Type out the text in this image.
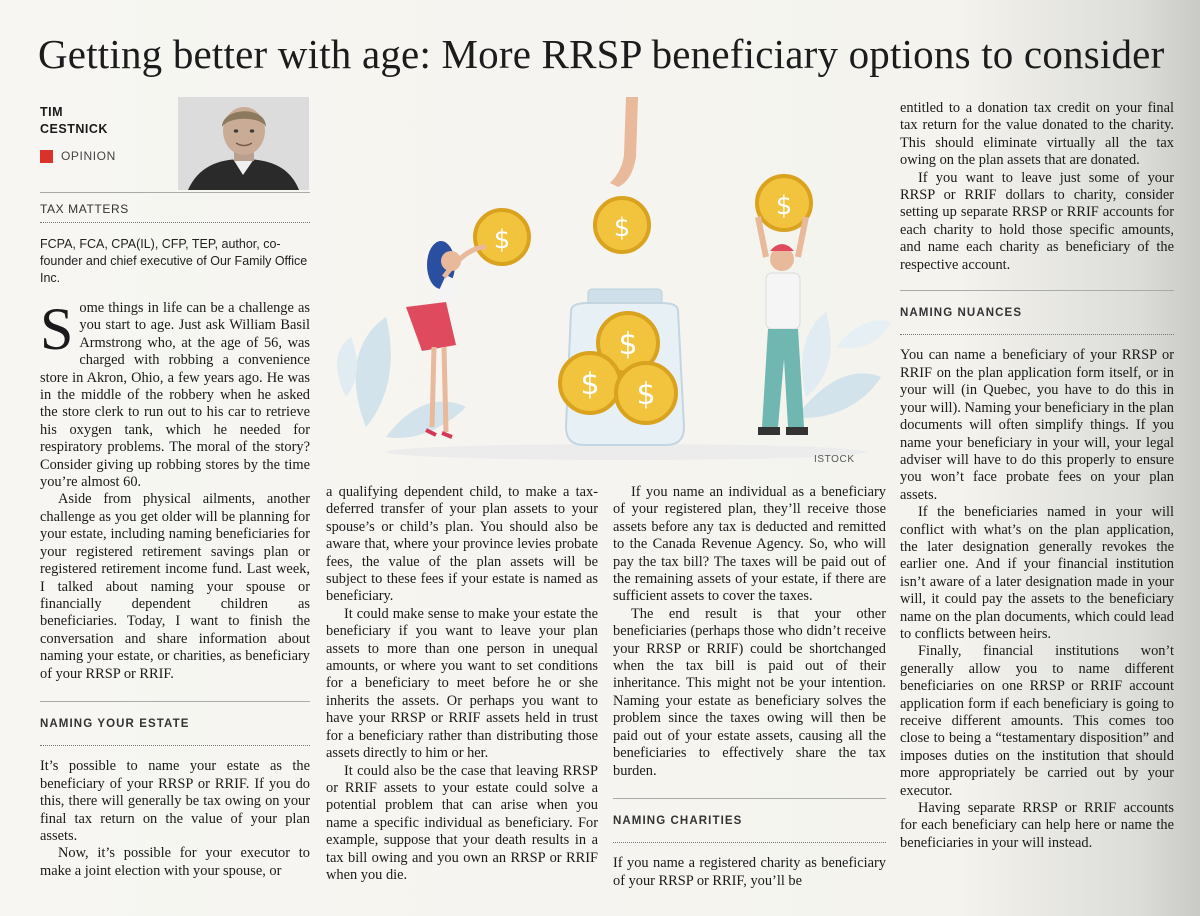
Getting better with age: More RRSP beneficiary options to consider
TIM
CESTNICK
OPINION
TAX MATTERS
FCPA, FCA, CPA(IL), CFP, TEP, author, co-founder and chief executive of Our Family Office Inc.
$
$ $
$	$
$
ISTOCK

Some things in life can be a challenge as you start to age. Just ask William Basil Armstrong who, at the age of 56, was charged with robbing a convenience store in Akron, Ohio, a few years ago. He was in the middle of the robbery when he asked the store clerk to run out to his car to retrieve his oxygen tank, which he needed for respiratory problems. The moral of the story? Consider giving up robbing stores by the time you’re almost 60.

Aside from physical ailments, another challenge as you get older will be planning for your estate, including naming beneficiaries for your registered retirement savings plan or registered retirement income fund. Last week, I talked about naming your spouse or financially dependent children as beneficiaries. Today, I want to finish the conversation and share information about naming your estate, or charities, as beneficiary of your RRSP or RRIF.

NAMING YOUR ESTATE

It’s possible to name your estate as the beneficiary of your RRSP or RRIF. If you do this, there will generally be tax owing on your final tax return on the value of your plan assets.

Now, it’s possible for your executor to make a joint election with your spouse, or

a qualifying dependent child, to make a tax-deferred transfer of your plan assets to your spouse’s or child’s plan. You should also be aware that, where your province levies probate fees, the value of the plan assets will be subject to these fees if your estate is named as beneficiary.

It could make sense to make your estate the beneficiary if you want to leave your plan assets to more than one person in unequal amounts, or where you want to set conditions for a beneficiary to meet before he or she inherits the assets. Or perhaps you want to have your RRSP or RRIF assets held in trust for a beneficiary rather than distributing those assets directly to him or her.

It could also be the case that leaving RRSP or RRIF assets to your estate could solve a potential problem that can arise when you name a specific individual as beneficiary. For example, suppose that your death results in a tax bill owing and you own an RRSP or RRIF when you die.

If you name an individual as a beneficiary of your registered plan, they’ll receive those assets before any tax is deducted and remitted to the Canada Revenue Agency. So, who will pay the tax bill? The taxes will be paid out of the remaining assets of your estate, if there are sufficient assets to cover the taxes.

The end result is that your other beneficiaries (perhaps those who didn’t receive your RRSP or RRIF) could be shortchanged when the tax bill is paid out of their inheritance. This might not be your intention. Naming your estate as beneficiary solves the problem since the taxes owing will then be paid out of your estate assets, causing all the beneficiaries to effectively share the tax burden.

NAMING CHARITIES

If you name a registered charity as beneficiary of your RRSP or RRIF, you’ll be

entitled to a donation tax credit on your final tax return for the value donated to the charity. This should eliminate virtually all the tax owing on the plan assets that are donated.

If you want to leave just some of your RRSP or RRIF dollars to charity, consider setting up separate RRSP or RRIF accounts for each charity to hold those specific amounts, and name each charity as beneficiary of the respective account.

NAMING NUANCES

You can name a beneficiary of your RRSP or RRIF on the plan application form itself, or in your will (in Quebec, you have to do this in your will). Naming your beneficiary in the plan documents will often simplify things. If you name your beneficiary in your will, your legal adviser will have to do this properly to ensure you won’t face probate fees on your plan assets.

If the beneficiaries named in your will conflict with what’s on the plan application, the later designation generally revokes the earlier one. And if your financial institution isn’t aware of a later designation made in your will, it could pay the assets to the beneficiary name on the plan documents, which could lead to conflicts between heirs.

Finally, financial institutions won’t generally allow you to name different beneficiaries on one RRSP or RRIF account application form if each beneficiary is going to receive different amounts. This comes too close to being a “testamentary disposition” and imposes duties on the institution that should more appropriately be carried out by your executor.

Having separate RRSP or RRIF accounts for each beneficiary can help here or name the beneficiaries in your will instead.
